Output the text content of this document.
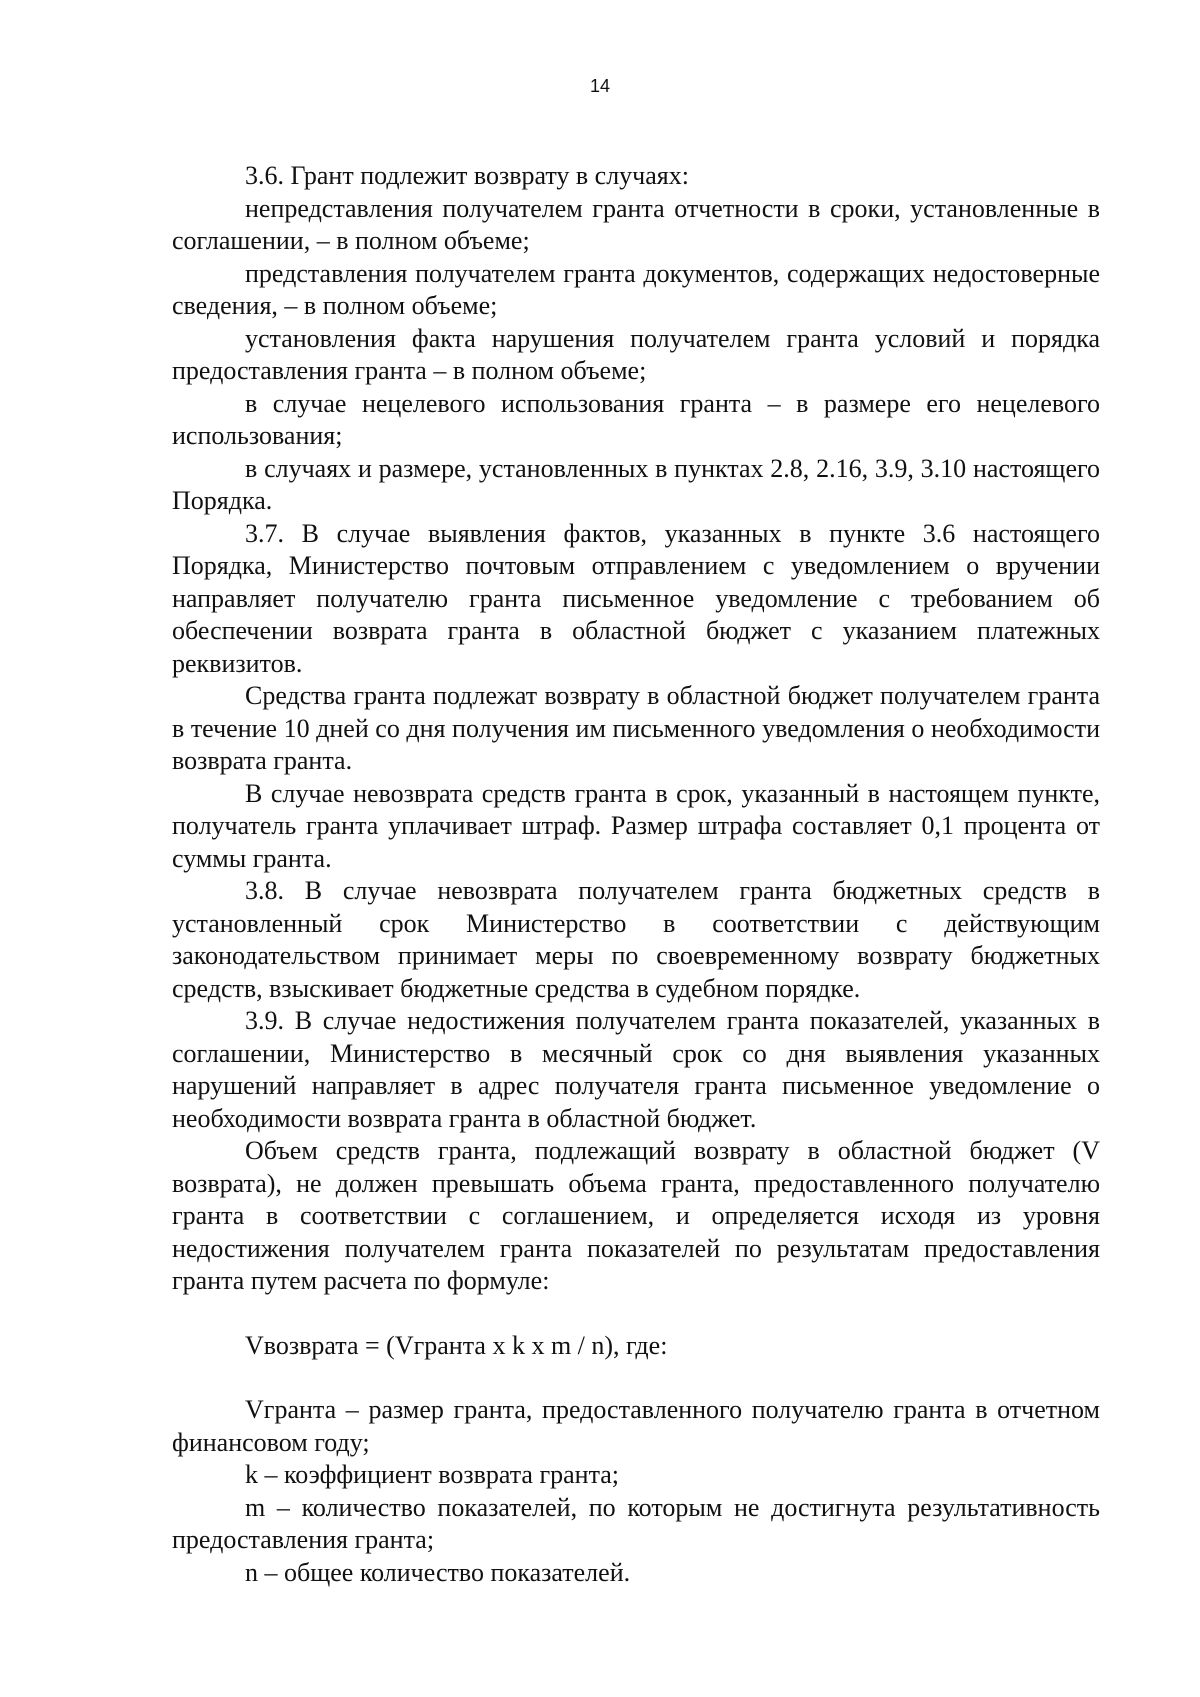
14

3.6. Грант подлежит возврату в случаях:

непредставления получателем гранта отчетности в сроки, установленные в соглашении, – в полном объеме;

представления получателем гранта документов, содержащих недостоверные сведения, – в полном объеме;

установления факта нарушения получателем гранта условий и порядка предоставления гранта – в полном объеме;

в случае нецелевого использования гранта – в размере его нецелевого использования;

в случаях и размере, установленных в пунктах 2.8, 2.16, 3.9, 3.10 настоящего Порядка.

3.7. В случае выявления фактов, указанных в пункте 3.6 настоящего Порядка, Министерство почтовым отправлением с уведомлением о вручении направляет получателю гранта письменное уведомление с требованием об обеспечении возврата гранта в областной бюджет с указанием платежных реквизитов.

Средства гранта подлежат возврату в областной бюджет получателем гранта в течение 10 дней со дня получения им письменного уведомления о необходимости возврата гранта.

В случае невозврата средств гранта в срок, указанный в настоящем пункте, получатель гранта уплачивает штраф. Размер штрафа составляет 0,1 процента от суммы гранта.

3.8. В случае невозврата получателем гранта бюджетных средств в установленный срок Министерство в соответствии с действующим законодательством принимает меры по своевременному возврату бюджетных средств, взыскивает бюджетные средства в судебном порядке.

3.9. В случае недостижения получателем гранта показателей, указанных в соглашении, Министерство в месячный срок со дня выявления указанных нарушений направляет в адрес получателя гранта письменное уведомление о необходимости возврата гранта в областной бюджет.

Объем средств гранта, подлежащий возврату в областной бюджет (V возврата), не должен превышать объема гранта, предоставленного получателю гранта в соответствии с соглашением, и определяется исходя из уровня недостижения получателем гранта показателей по результатам предоставления гранта путем расчета по формуле:

Vвозврата = (Vгранта x k x m / n), где:

Vгранта – размер гранта, предоставленного получателю гранта в отчетном финансовом году;

k – коэффициент возврата гранта;

m – количество показателей, по которым не достигнута результативность предоставления гранта;

n – общее количество показателей.
